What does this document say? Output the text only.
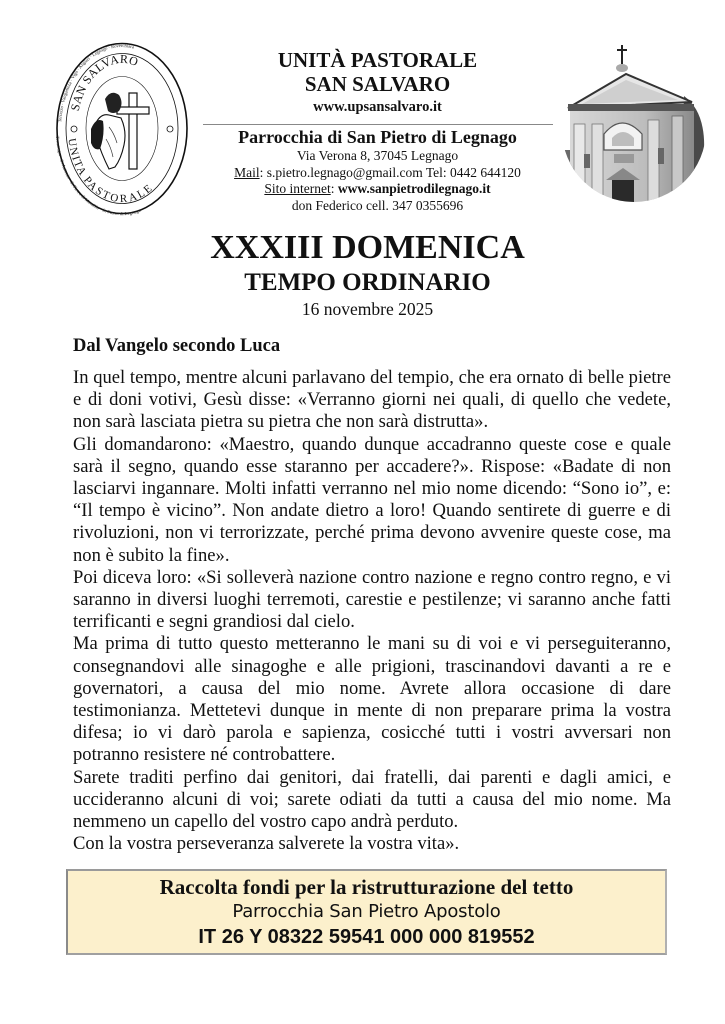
Terrazzo · Vangadizza · Vigo · Angiari · Legnago · Roverchiara
Terranegra · S. Antonio · S. Pietro di Morubio · S. Pietro di Legnago
SAN SALVARO
UNITA PASTORALE
UNITÀ PASTORALE
SAN SALVARO
www.upsansalvaro.it
Parrocchia di San Pietro di Legnago
Via Verona 8, 37045 Legnago
Mail: s.pietro.legnago@gmail.com Tel: 0442 644120
Sito internet: www.sanpietrodilegnago.it
don Federico cell. 347 0355696
XXXIII DOMENICA
TEMPO ORDINARIO
16 novembre 2025
Dal Vangelo secondo Luca

In quel tempo, mentre alcuni parlavano del tempio, che era ornato di belle pietre e di doni votivi, Gesù disse: «Verranno giorni nei quali, di quello che vedete, non sarà lasciata pietra su pietra che non sarà distrutta».

Gli domandarono: «Maestro, quando dunque accadranno queste cose e quale sarà il segno, quando esse staranno per accadere?». Rispose: «Badate di non lasciarvi ingannare. Molti infatti verranno nel mio nome dicendo: “Sono io”, e: “Il tempo è vicino”. Non andate dietro a loro! Quando sentirete di guerre e di rivoluzioni, non vi terrorizzate, perché prima devono avvenire queste cose, ma non è subito la fine».

Poi diceva loro: «Si solleverà nazione contro nazione e regno contro regno, e vi saranno in diversi luoghi terremoti, carestie e pestilenze; vi saranno anche fatti terrificanti e segni grandiosi dal cielo.

Ma prima di tutto questo metteranno le mani su di voi e vi perseguiteranno, consegnandovi alle sinagoghe e alle prigioni, trascinandovi davanti a re e governatori, a causa del mio nome. Avrete allora occasione di dare testimonianza. Mettetevi dunque in mente di non preparare prima la vostra difesa; io vi darò parola e sapienza, cosicché tutti i vostri avversari non potranno resistere né controbattere.

Sarete traditi perfino dai genitori, dai fratelli, dai parenti e dagli amici, e uccideranno alcuni di voi; sarete odiati da tutti a causa del mio nome. Ma nemmeno un capello del vostro capo andrà perduto.

Con la vostra perseveranza salverete la vostra vita».

Raccolta fondi per la ristrutturazione del tetto
Parrocchia San Pietro Apostolo
IT 26 Y 08322 59541 000 000 819552
